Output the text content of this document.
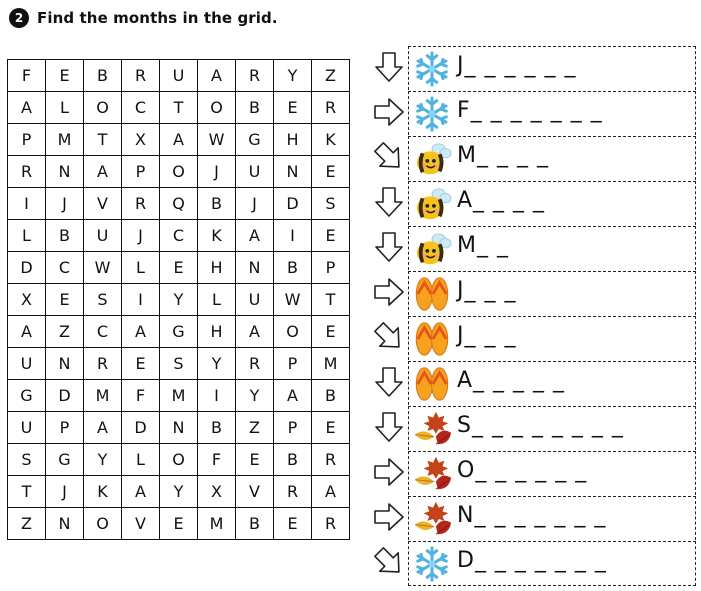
2 Find the months in the grid.
F	E	B	R	U	A	R	Y	Z
A	L	O	C	T	O	B	E	R
P	M	T	X	A	W	G	H	K
R	N	A	P	O	J	U	N	E
I	J	V	R	Q	B	J	D	S
L	B	U	J	C	K	A	I	E
D	C	W	L	E	H	N	B	P
X	E	S	I	Y	L	U	W	T
A	Z	C	A	G	H	A	O	E
U	N	R	E	S	Y	R	P	M
G	D	M	F	M	I	Y	A	B
U	P	A	D	N	B	Z	P	E
S	G	Y	L	O	F	E	B	R
T	J	K	A	Y	X	V	R	A
Z	N	O	V	E	M	B	E	R
J_ _ _ _ _ _
F_ _ _ _ _ _ _
M_ _ _ _
A_ _ _ _
M_ _
J_ _ _
J_ _ _
A_ _ _ _ _
S_ _ _ _ _ _ _ _
O_ _ _ _ _ _
N_ _ _ _ _ _ _
D_ _ _ _ _ _ _
